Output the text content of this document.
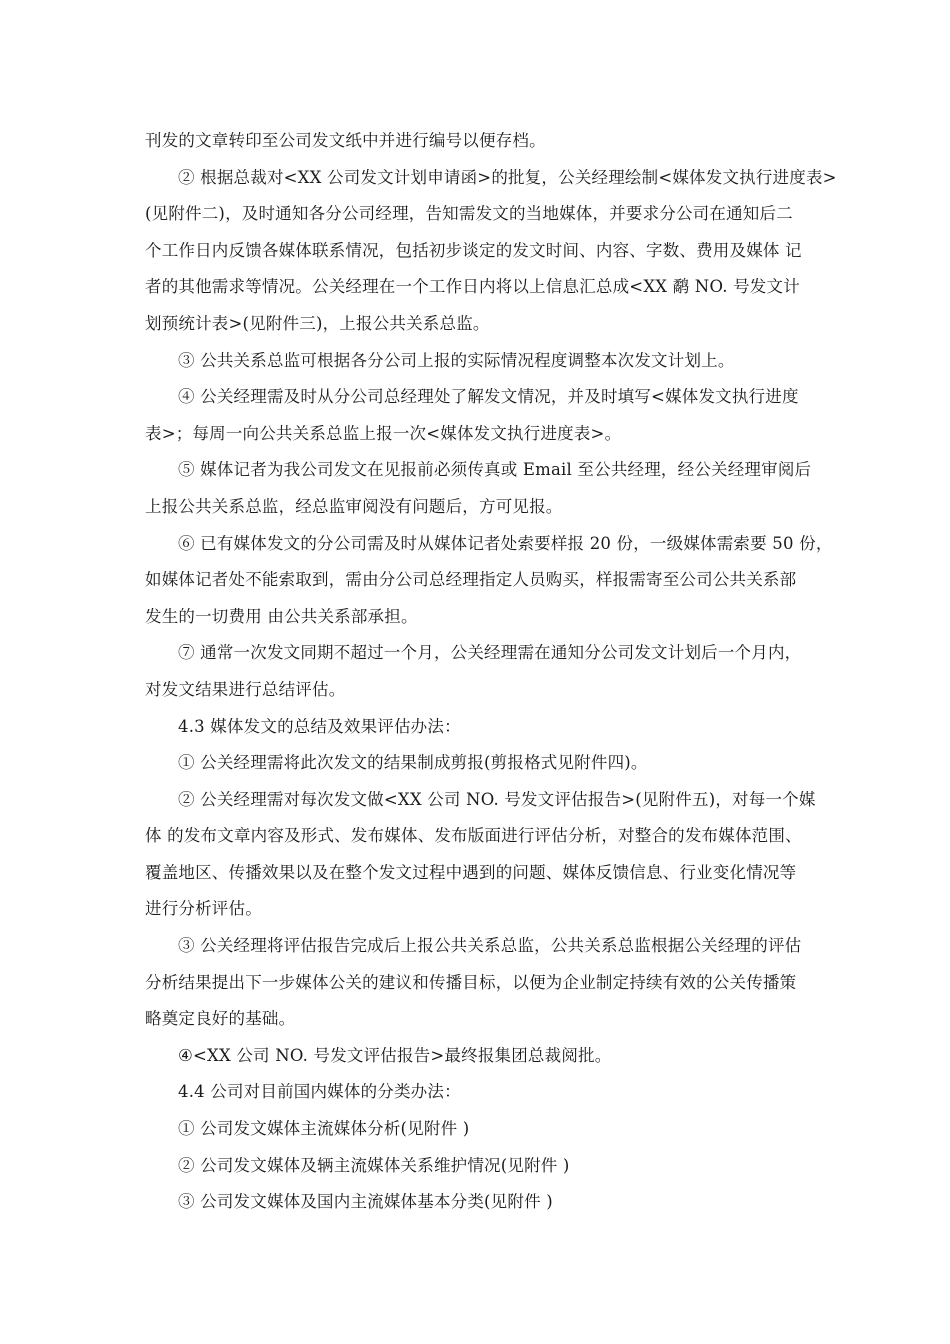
刊发的文章转印至公司发文纸中并进行编号以便存档。

② 根据总裁对<XX 公司发文计划申请函>的批复，公关经理绘制<媒体发文执行进度表>

(见附件二)，及时通知各分公司经理，告知需发文的当地媒体，并要求分公司在通知后二

个工作日内反馈各媒体联系情况，包括初步谈定的发文时间、内容、字数、费用及媒体 记

者的其他需求等情况。公关经理在一个工作日内将以上信息汇总成<XX 鹬 NO. 号发文计

划预统计表>(见附件三)，上报公共关系总监。

③ 公共关系总监可根据各分公司上报的实际情况程度调整本次发文计划上。

④ 公关经理需及时从分公司总经理处了解发文情况，并及时填写<媒体发文执行进度

表>；每周一向公共关系总监上报一次<媒体发文执行进度表>。

⑤ 媒体记者为我公司发文在见报前必须传真或 Email 至公共经理，经公关经理审阅后

上报公共关系总监，经总监审阅没有问题后，方可见报。

⑥ 已有媒体发文的分公司需及时从媒体记者处索要样报 20 份，一级媒体需索要 50 份，

如媒体记者处不能索取到，需由分公司总经理指定人员购买，样报需寄至公司公共关系部

发生的一切费用 由公共关系部承担。

⑦ 通常一次发文同期不超过一个月，公关经理需在通知分公司发文计划后一个月内，

对发文结果进行总结评估。

4.3 媒体发文的总结及效果评估办法：

① 公关经理需将此次发文的结果制成剪报(剪报格式见附件四)。

② 公关经理需对每次发文做<XX 公司 NO. 号发文评估报告>(见附件五)，对每一个媒

体 的发布文章内容及形式、发布媒体、发布版面进行评估分析，对整合的发布媒体范围、

覆盖地区、传播效果以及在整个发文过程中遇到的问题、媒体反馈信息、行业变化情况等

进行分析评估。

③ 公关经理将评估报告完成后上报公共关系总监，公共关系总监根据公关经理的评估

分析结果提出下一步媒体公关的建议和传播目标，以便为企业制定持续有效的公关传播策

略奠定良好的基础。

④<XX 公司 NO. 号发文评估报告>最终报集团总裁阅批。

4.4 公司对目前国内媒体的分类办法：

① 公司发文媒体主流媒体分析(见附件 )

② 公司发文媒体及辆主流媒体关系维护情况(见附件 )

③ 公司发文媒体及国内主流媒体基本分类(见附件 )
